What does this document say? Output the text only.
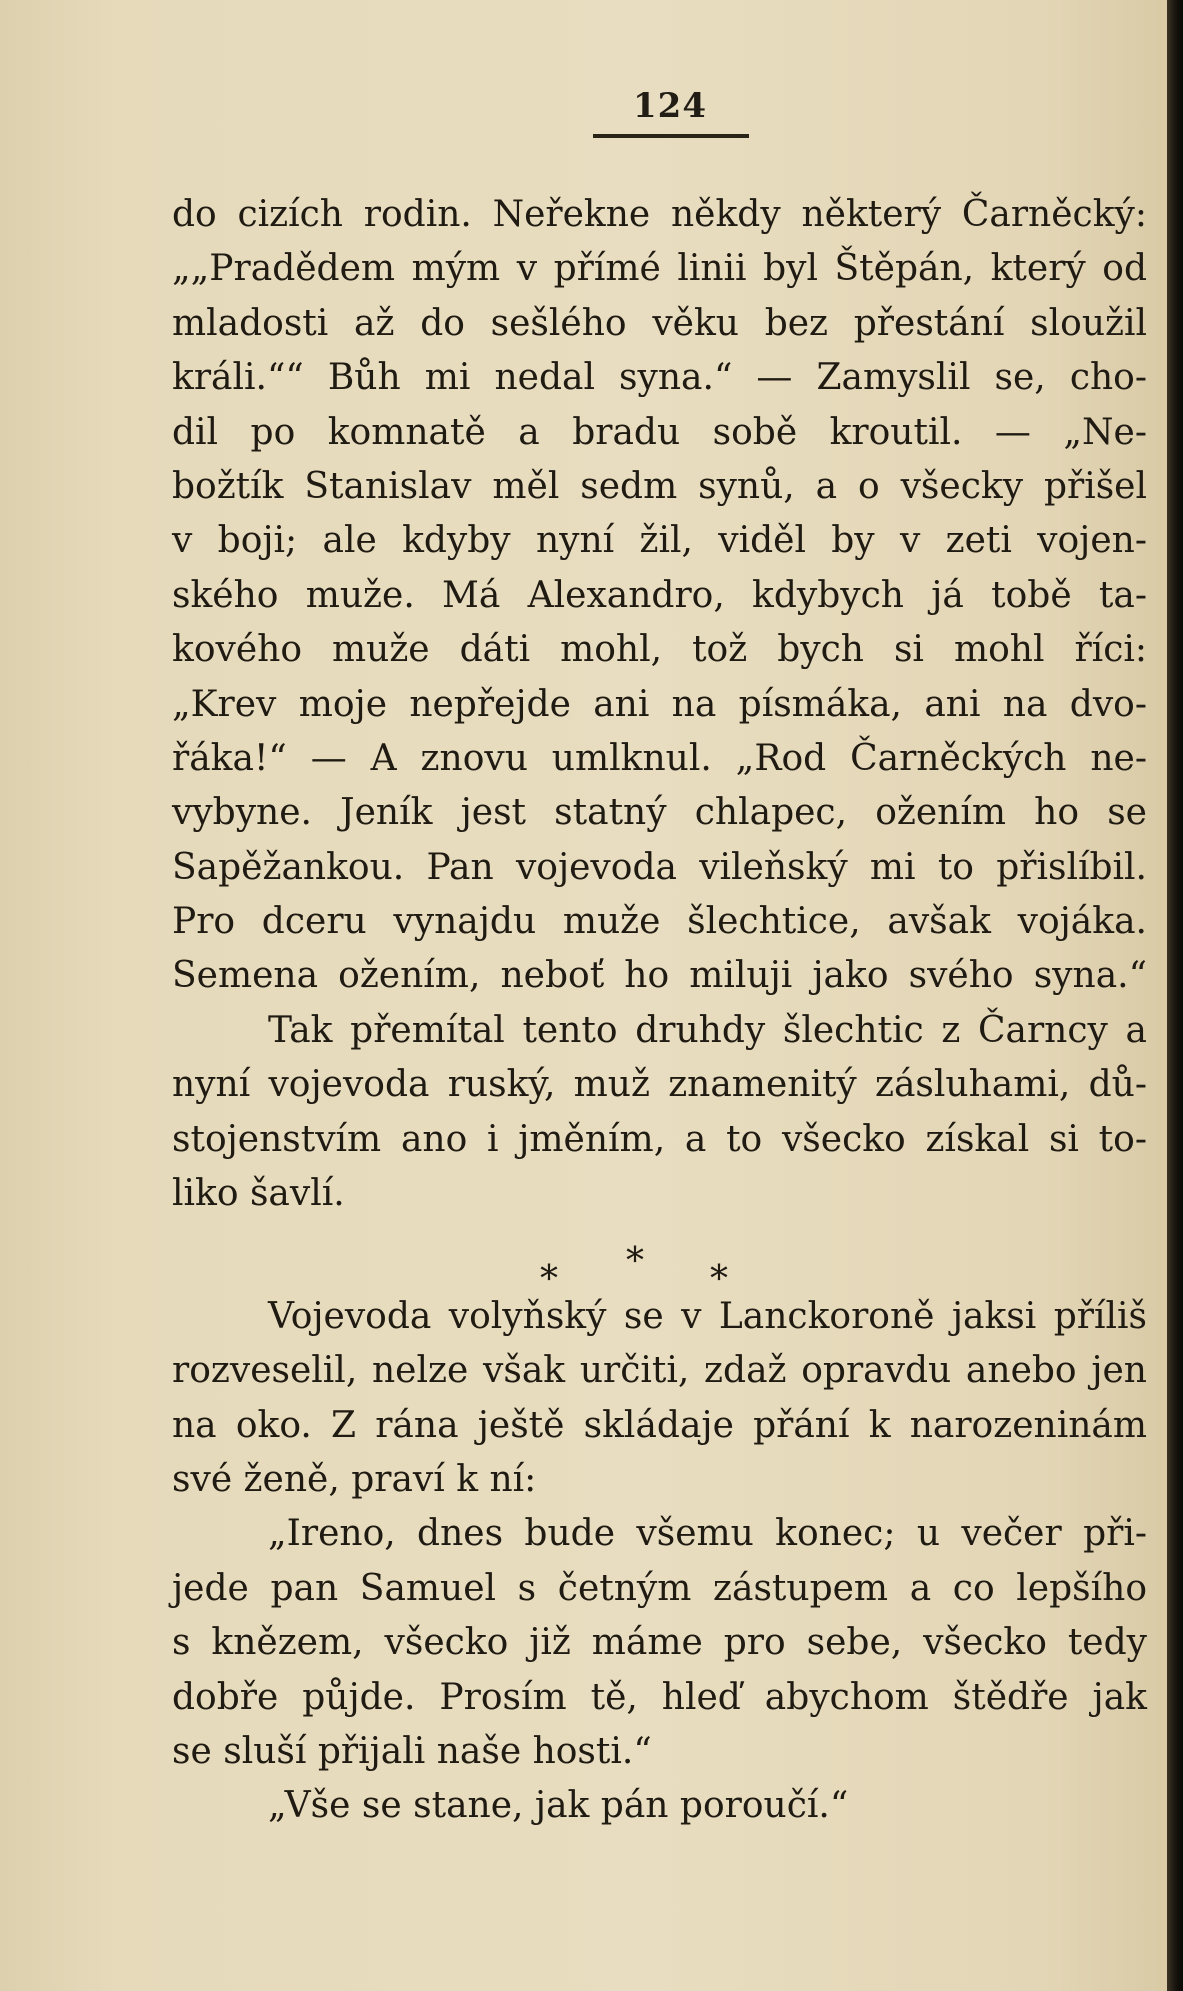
124
do cizích rodin. Neřekne někdy některý Čarněcký:
„„Pradědem mým v přímé linii byl Štěpán, který od
mladosti až do sešlého věku bez přestání sloužil
králi.““ Bůh mi nedal syna.“ — Zamyslil se, cho-
dil po komnatě a bradu sobě kroutil. — „Ne-
božtík Stanislav měl sedm synů, a o všecky přišel
v boji; ale kdyby nyní žil, viděl by v zeti vojen-
ského muže. Má Alexandro, kdybych já tobě ta-
kového muže dáti mohl, tož bych si mohl říci:
„Krev moje nepřejde ani na písmáka, ani na dvo-
řáka!“ — A znovu umlknul. „Rod Čarněckých ne-
vybyne. Jeník jest statný chlapec, ožením ho se
Sapěžankou. Pan vojevoda vileňský mi to přislíbil.
Pro dceru vynajdu muže šlechtice, avšak vojáka.
Semena ožením, neboť ho miluji jako svého syna.“
Tak přemítal tento druhdy šlechtic z Čarncy a
nyní vojevoda ruský, muž znamenitý zásluhami, dů-
stojenstvím ano i jměním, a to všecko získal si to-
liko šavlí.
* * *
Vojevoda volyňský se v Lanckoroně jaksi příliš
rozveselil, nelze však určiti, zdaž opravdu anebo jen
na oko. Z rána ještě skládaje přání k narozeninám
své ženě, praví k ní:
„Ireno, dnes bude všemu konec; u večer při-
jede pan Samuel s četným zástupem a co lepšího
s knězem, všecko již máme pro sebe, všecko tedy
dobře půjde. Prosím tě, hleď abychom štědře jak
se sluší přijali naše hosti.“
„Vše se stane, jak pán poroučí.“
